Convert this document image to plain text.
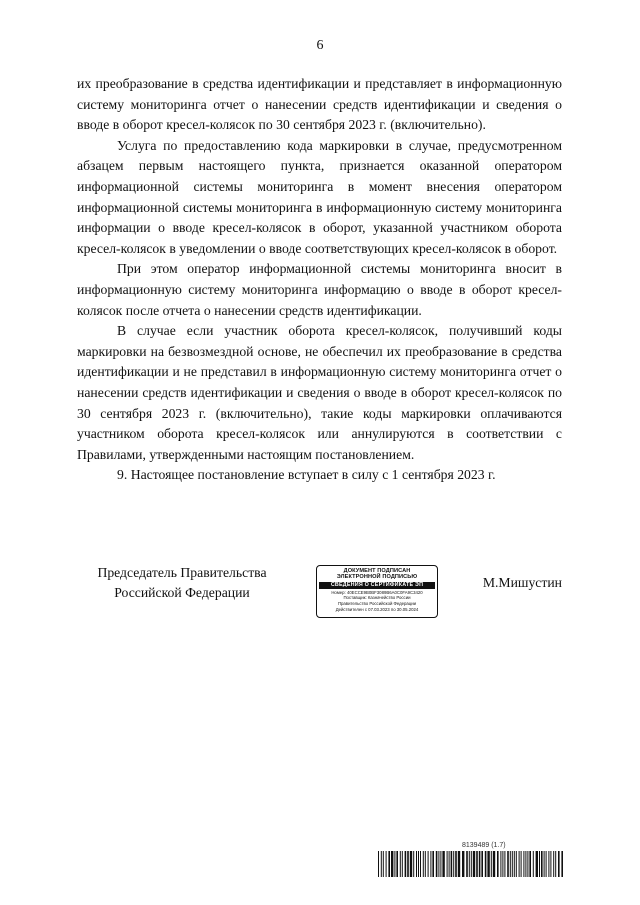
6

их преобразование в средства идентификации и представляет в информационную систему мониторинга отчет о нанесении средств идентификации и сведения о вводе в оборот кресел-колясок по 30 сентября 2023 г. (включительно).

Услуга по предоставлению кода маркировки в случае, предусмотренном абзацем первым настоящего пункта, признается оказанной оператором информационной системы мониторинга в момент внесения оператором информационной системы мониторинга в информационную систему мониторинга информации о вводе кресел-колясок в оборот, указанной участником оборота кресел-колясок в уведомлении о вводе соответствующих кресел-колясок в оборот.

При этом оператор информационной системы мониторинга вносит в информационную систему мониторинга информацию о вводе в оборот кресел-колясок после отчета о нанесении средств идентификации.

В случае если участник оборота кресел-колясок, получивший коды маркировки на безвозмездной основе, не обеспечил их преобразование в средства идентификации и не представил в информационную систему мониторинга отчет о нанесении средств идентификации и сведения о вводе в оборот кресел-колясок по 30 сентября 2023 г. (включительно), такие коды маркировки оплачиваются участником оборота кресел-колясок или аннулируются в соответствии с Правилами, утвержденными настоящим постановлением.

9. Настоящее постановление вступает в силу с 1 сентября 2023 г.

Председатель Правительства
Российской Федерации
ДОКУМЕНТ ПОДПИСАН
ЭЛЕКТРОННОЙ ПОДПИСЬЮ
СВЕДЕНИЯ О СЕРТИФИКАТЕ ЭП
Номер: 40ECCE9B0BF3089B6A0C0FA9C3420
Поставщик: Казначейство России
Правительство Российской Федерации
Действителен с 07.03.2023 по 30.05.2024
М.Мишустин
8139489 (1.7)
